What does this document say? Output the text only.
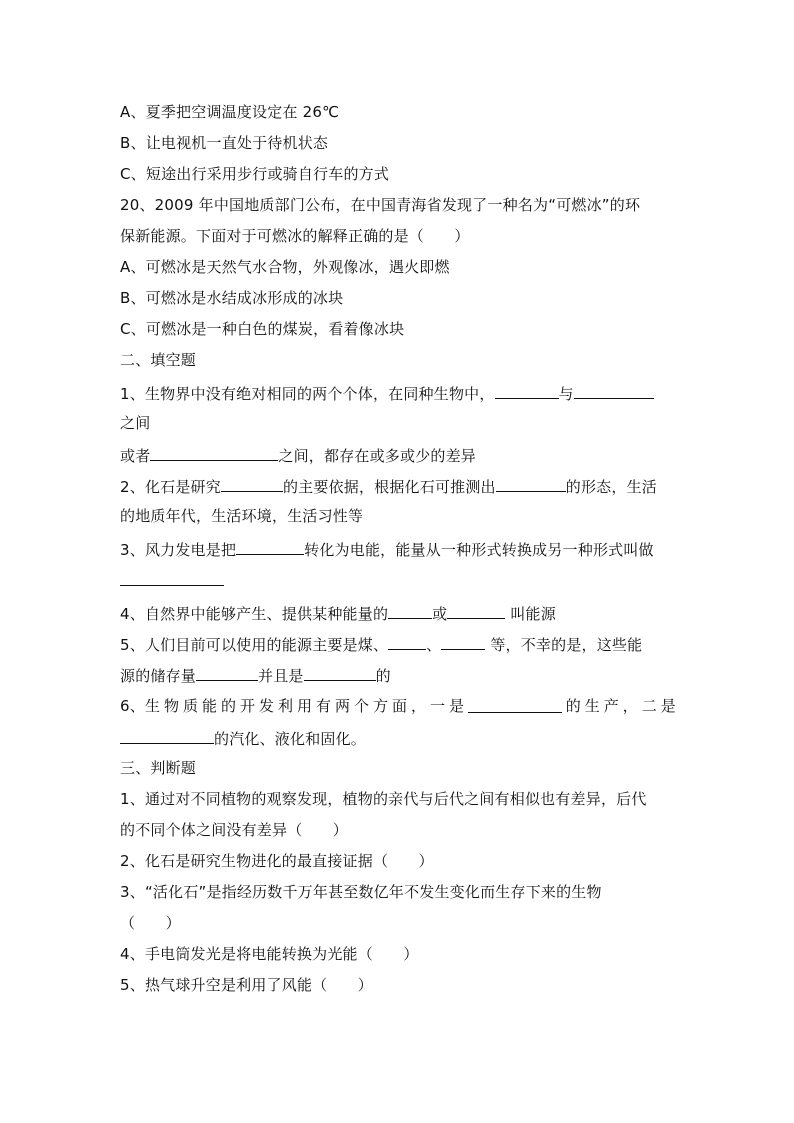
A、夏季把空调温度设定在 26℃
B、让电视机一直处于待机状态
C、短途出行采用步行或骑自行车的方式
20、2009 年中国地质部门公布，在中国青海省发现了一种名为“可燃冰”的环
保新能源。下面对于可燃冰的解释正确的是（　　）
A、可燃冰是天然气水合物，外观像冰，遇火即燃
B、可燃冰是水结成冰形成的冰块
C、可燃冰是一种白色的煤炭，看着像冰块
二、填空题
1、生物界中没有绝对相同的两个个体，在同种生物中，	与
之间
或者	之间，都存在或多或少的差异
2、化石是研究	的主要依据，根据化石可推测出	的形态，生活
的地质年代，生活环境，生活习性等
3、风力发电是把	转化为电能，能量从一种形式转换成另一种形式叫做
4、自然界中能够产生、提供某种能量的	或	叫能源
5、人们目前可以使用的能源主要是煤、	、	等，不幸的是，这些能
源的储存量	并且是	的
6、生 物 质 能 的 开 发 利 用 有 两 个 方 面 ， 一 是	的 生 产 ， 二 是
的汽化、液化和固化。
三、判断题
1、通过对不同植物的观察发现，植物的亲代与后代之间有相似也有差异，后代
的不同个体之间没有差异（　　）
2、化石是研究生物进化的最直接证据（　　）
3、“活化石”是指经历数千万年甚至数亿年不发生变化而生存下来的生物
（　　）
4、手电筒发光是将电能转换为光能（　　）
5、热气球升空是利用了风能（　　）
